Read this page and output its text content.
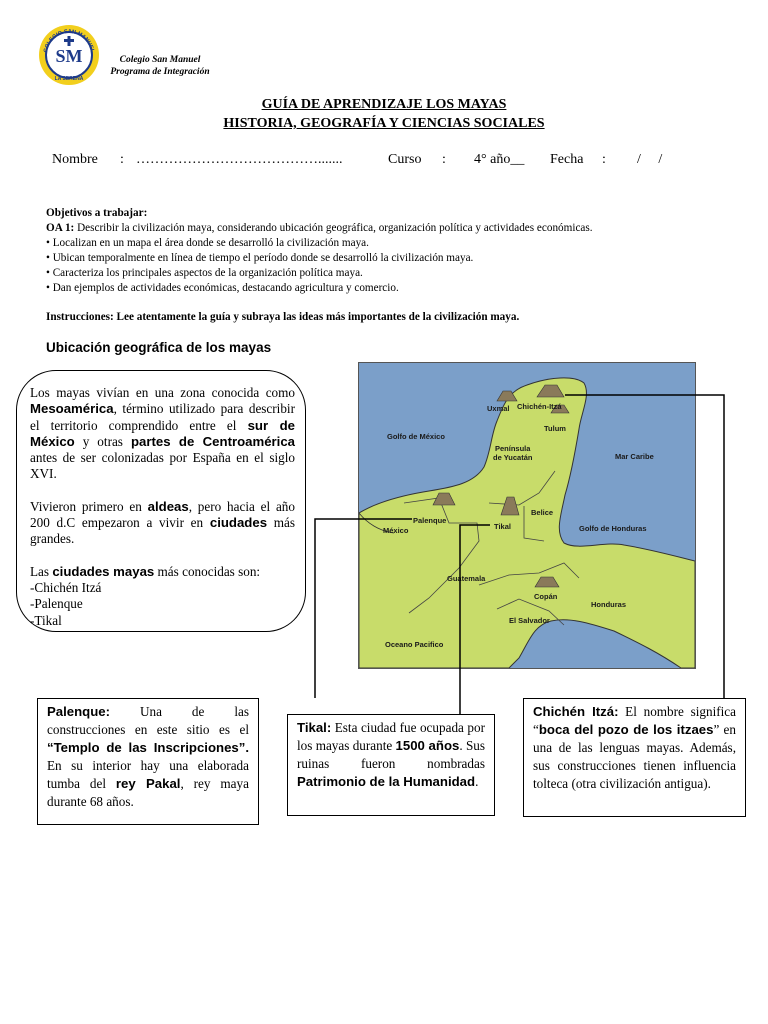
COLEGIO SAN MANUEL
SM
LA SERENA
Colegio San Manuel
Programa de Integración
GUÍA DE APRENDIZAJE LOS MAYAS
HISTORIA, GEOGRAFÍA Y CIENCIAS SOCIALES
Nombre : ………………………………….......	Curso : 4° año__ Fecha : /     /
Objetivos a trabajar:
OA 1: Describir la civilización maya, considerando ubicación geográfica, organización política y actividades económicas.
• Localizan en un mapa el área donde se desarrolló la civilización maya.
• Ubican temporalmente en línea de tiempo el período donde se desarrolló la civilización maya.
• Caracteriza los principales aspectos de la organización política maya.
• Dan ejemplos de actividades económicas, destacando agricultura y comercio.
Instrucciones: Lee atentamente la guía y subraya las ideas más importantes de la civilización maya.
Ubicación geográfica de los mayas

Los mayas vivían en una zona conocida como Mesoamérica, término utilizado para describir el territorio comprendido entre el sur de México y otras partes de Centroamérica antes de ser colonizadas por España en el siglo XVI.

Vivieron primero en aldeas, pero hacia el año 200 d.C empezaron a vivir en ciudades más grandes.

Las ciudades mayas más conocidas son:
-Chichén Itzá
-Palenque
-Tikal
Uxmal Chichén-Itzá
Tulum
Golfo de México
Península
de Yucatán	Mar Caribe
Palenque
México	Tikal
Belice
Golfo de Honduras
Guatemala
Copán
Honduras
El Salvador
Oceano Pacifico
Palenque: Una de las construcciones en este sitio es el “Templo de las Inscripciones”. En su interior hay una elaborada tumba del rey Pakal, rey maya durante 68 años.
Tikal: Esta ciudad fue ocupada por los mayas durante 1500 años. Sus ruinas fueron nombradas Patrimonio de la Humanidad.
Chichén Itzá: El nombre significa “boca del pozo de los itzaes” en una de las lenguas mayas. Además, sus construcciones tienen influencia tolteca (otra civilización antigua).
